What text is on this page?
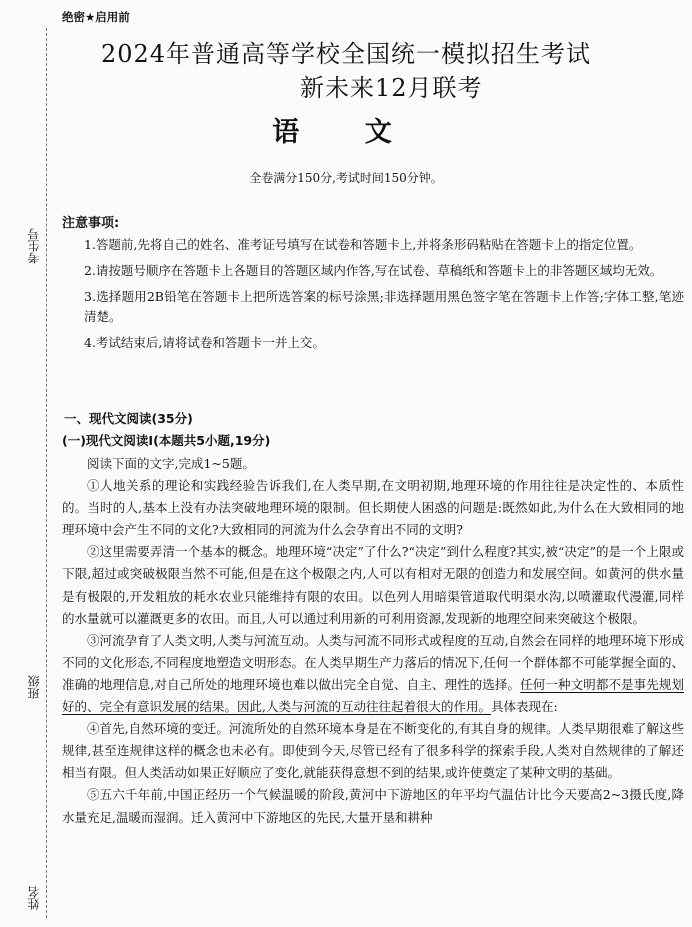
绝密★启用前
2024年普通高等学校全国统一模拟招生考试
新未来12月联考
语 文
全卷满分150分,考试时间150分钟。
考生号
班级
姓名
注意事项:
1.答题前,先将自己的姓名、准考证号填写在试卷和答题卡上,并将条形码粘贴在答题卡上的指定位置。
2.请按题号顺序在答题卡上各题目的答题区域内作答,写在试卷、草稿纸和答题卡上的非答题区域均无效。
3.选择题用2B铅笔在答题卡上把所选答案的标号涂黑;非选择题用黑色签字笔在答题卡上作答;字体工整,笔迹清楚。
4.考试结束后,请将试卷和答题卡一并上交。
一、现代文阅读(35分)
(一)现代文阅读Ⅰ(本题共5小题,19分)

阅读下面的文字,完成1~5题。

①人地关系的理论和实践经验告诉我们,在人类早期,在文明初期,地理环境的作用往往是决定性的、本质性的。当时的人,基本上没有办法突破地理环境的限制。但长期使人困惑的问题是:既然如此,为什么在大致相同的地理环境中会产生不同的文化?大致相同的河流为什么会孕育出不同的文明?

②这里需要弄清一个基本的概念。地理环境“决定”了什么?“决定”到什么程度?其实,被“决定”的是一个上限或下限,超过或突破极限当然不可能,但是在这个极限之内,人可以有相对无限的创造力和发展空间。如黄河的供水量是有极限的,开发粗放的耗水农业只能维持有限的农田。以色列人用暗渠管道取代明渠水沟,以喷灌取代漫灌,同样的水量就可以灌溉更多的农田。而且,人可以通过利用新的可利用资源,发现新的地理空间来突破这个极限。

③河流孕育了人类文明,人类与河流互动。人类与河流不同形式或程度的互动,自然会在同样的地理环境下形成不同的文化形态,不同程度地塑造文明形态。在人类早期生产力落后的情况下,任何一个群体都不可能掌握全面的、准确的地理信息,对自己所处的地理环境也难以做出完全自觉、自主、理性的选择。任何一种文明都不是事先规划好的、完全有意识发展的结果。因此,人类与河流的互动往往起着很大的作用。具体表现在:

④首先,自然环境的变迁。河流所处的自然环境本身是在不断变化的,有其自身的规律。人类早期很难了解这些规律,甚至连规律这样的概念也未必有。即使到今天,尽管已经有了很多科学的探索手段,人类对自然规律的了解还相当有限。但人类活动如果正好顺应了变化,就能获得意想不到的结果,或许使奠定了某种文明的基础。

⑤五六千年前,中国正经历一个气候温暖的阶段,黄河中下游地区的年平均气温估计比今天要高2~3摄氏度,降水量充足,温暖而湿润。迁入黄河中下游地区的先民,大量开垦和耕种
